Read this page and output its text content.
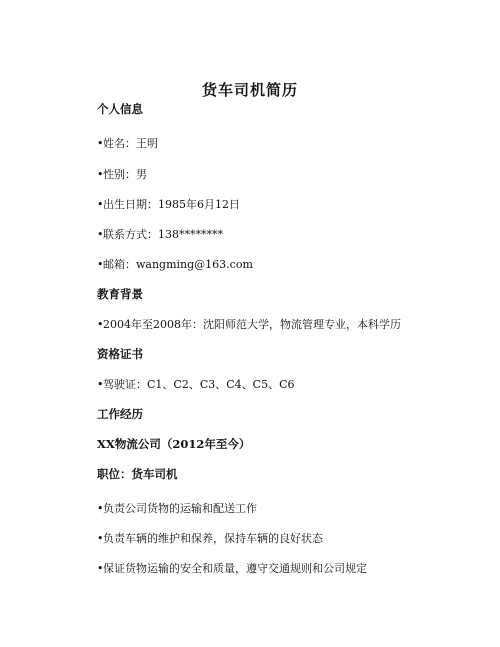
货车司机简历
个人信息
•姓名：王明
•性别：男
•出生日期：1985年6月12日
•联系方式：138********
•邮箱：wangming@163.com
教育背景
•2004年至2008年：沈阳师范大学，物流管理专业，本科学历
资格证书
•驾驶证：C1、C2、C3、C4、C5、C6
工作经历
XX物流公司（2012年至今）
职位：货车司机
•负责公司货物的运输和配送工作
•负责车辆的维护和保养，保持车辆的良好状态
•保证货物运输的安全和质量，遵守交通规则和公司规定
